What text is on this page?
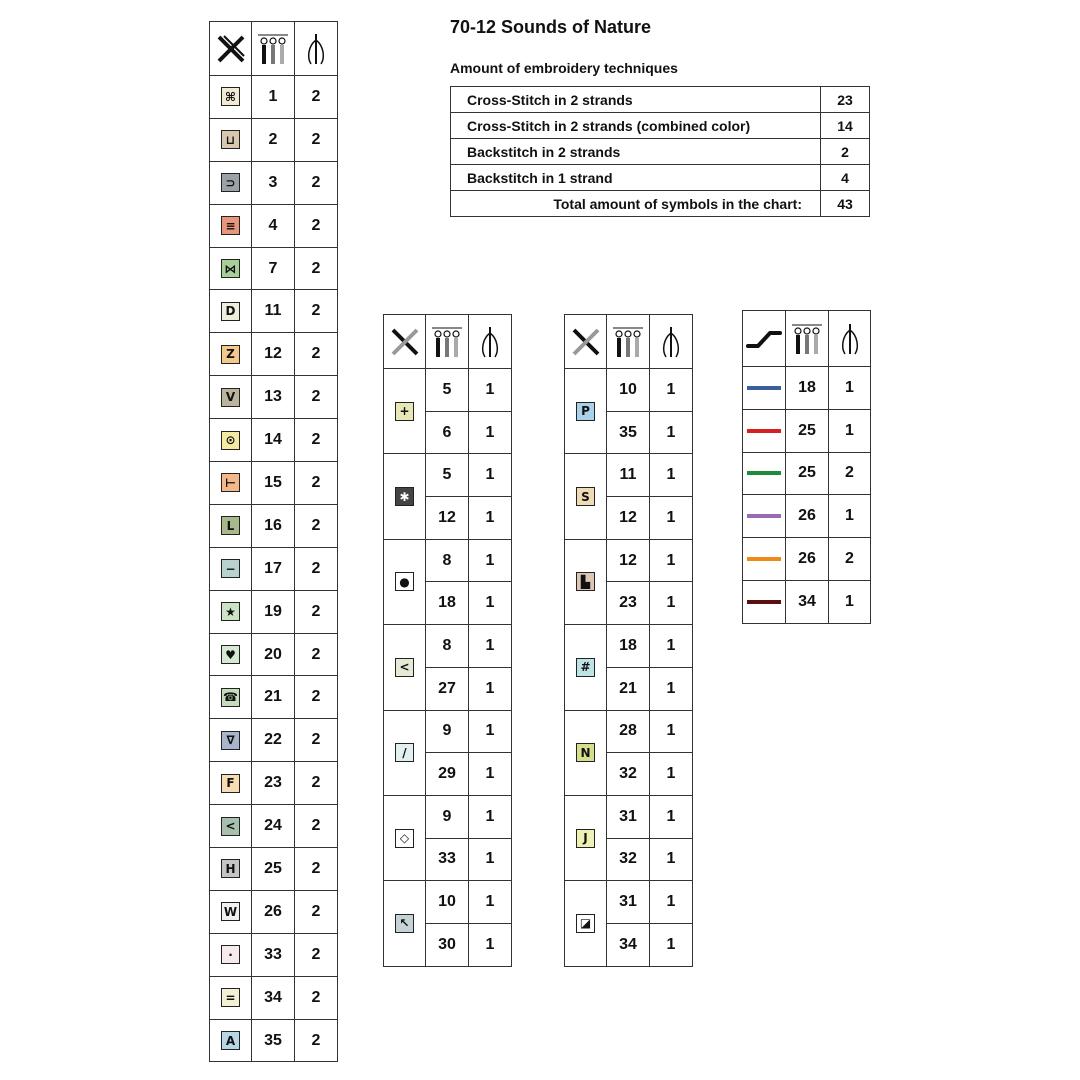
70-12 Sounds of Nature
Amount of embroidery techniques
Cross-Stitch in 2 strands	23
Cross-Stitch in 2 strands (combined color)	14
Backstitch in 2 strands	2
Backstitch in 1 strand	4
Total amount of symbols in the chart:	43

⌘	1	2
⊔	2	2
⊃	3	2
≡	4	2
⋈	7	2
D	11	2
Z	12	2
V	13	2
⊙	14	2
⊢	15	2
L	16	2
−	17	2
★	19	2
♥	20	2
☎	21	2
∇	22	2
F	23	2
<	24	2
H	25	2
W	26	2
·	33	2
=	34	2
A	35	2

+	5	1
	6	1
✱	5	1
	12	1
●	8	1
	18	1
<	8	1
	27	1
/	9	1
	29	1
◇	9	1
	33	1
↖	10	1
	30	1

P	10	1
	35	1
S	11	1
	12	1
▙	12	1
	23	1
#	18	1
	21	1
N	28	1
	32	1
J	31	1
	32	1
◪	31	1
	34	1

	18	1

	25	1

	25	2

	26	1

	26	2

	34	1
